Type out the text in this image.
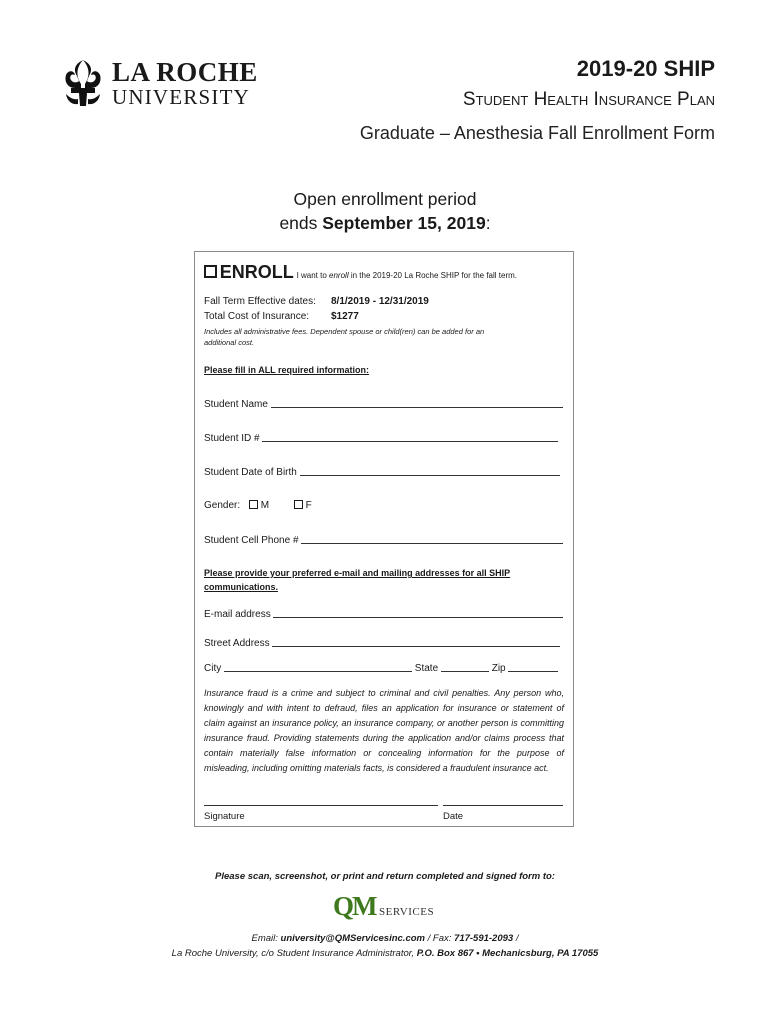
LA ROCHE
UNIVERSITY
2019-20 SHIP
Student Health Insurance Plan
Graduate – Anesthesia Fall Enrollment Form
Open enrollment period
ends September 15, 2019:
ENROLL I want to enroll in the 2019-20 La Roche SHIP for the fall term.
Fall Term Effective dates: 8/1/2019 - 12/31/2019
Total Cost of Insurance: $1277
Includes all administrative fees. Dependent spouse or child(ren) can be added for an
additional cost.
Please fill in ALL required information:
Student Name
Student ID #
Student Date of Birth
Gender: M	F
Student Cell Phone #
Please provide your preferred e-mail and mailing addresses for all SHIP
communications.
E-mail address
Street Address
City	State	Zip
Insurance fraud is a crime and subject to criminal and civil penalties. Any person who, knowingly and with intent to defraud, files an application for insurance or statement of claim against an insurance policy, an insurance company, or another person is committing insurance fraud. Providing statements during the application and/or claims process that contain materially false information or concealing information for the purpose of misleading, including omitting materials facts, is considered a fraudulent insurance act.
Signature	Date
Please scan, screenshot, or print and return completed and signed form to:
QM SERVICES
Email: university@QMServicesinc.com / Fax: 717-591-2093 /
La Roche University, c/o Student Insurance Administrator, P.O. Box 867 • Mechanicsburg, PA 17055
